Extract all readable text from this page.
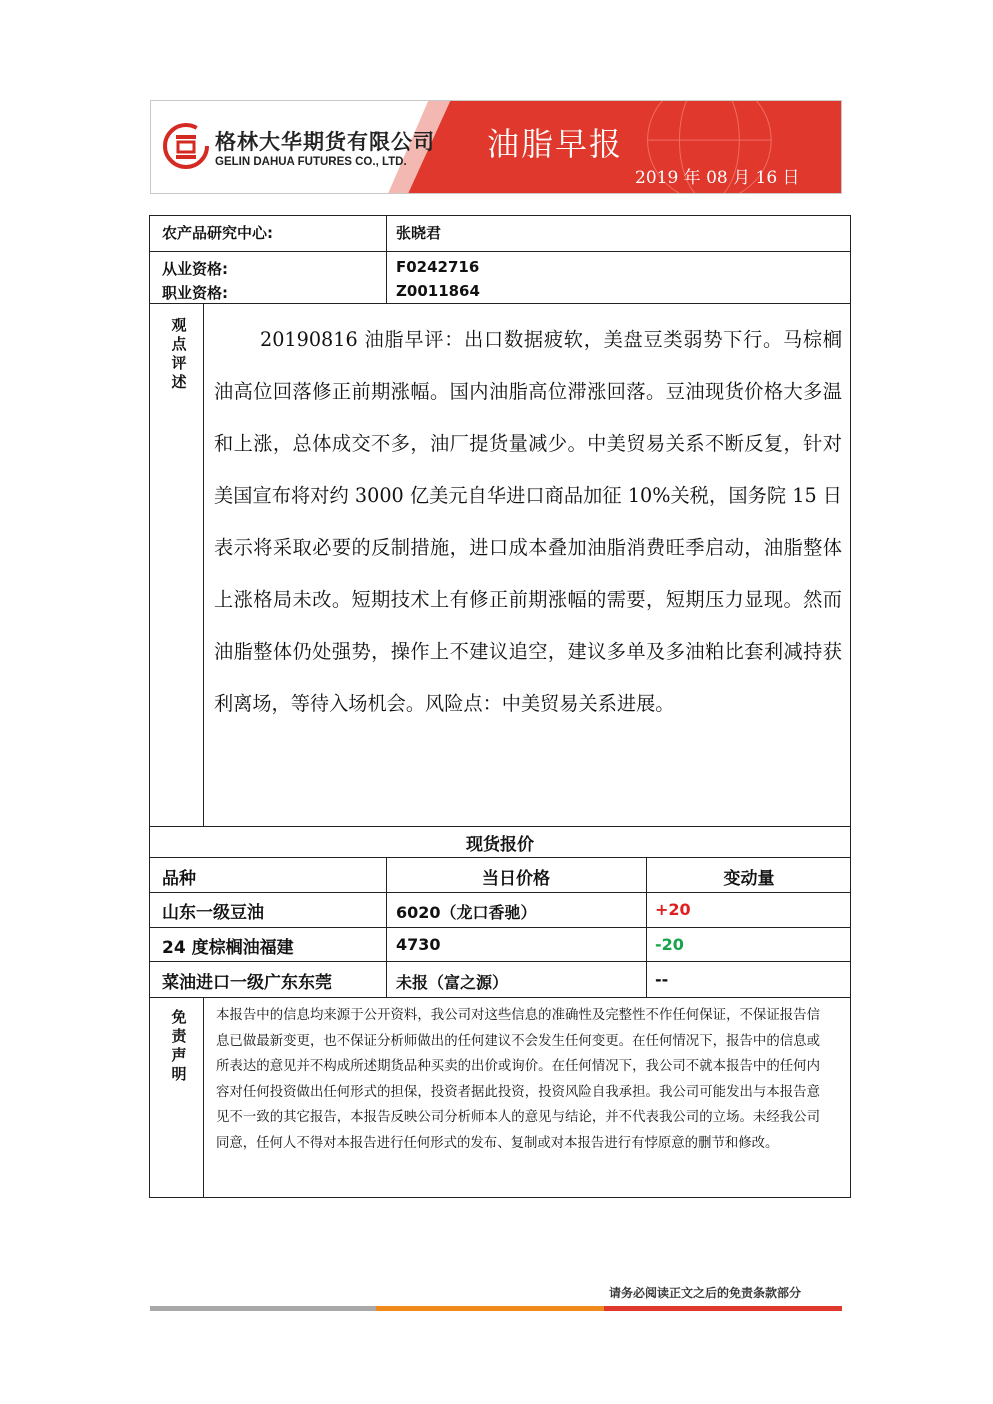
格林大华期货有限公司
GELIN DAHUA FUTURES CO., LTD.	油脂早报
2019 年 08 月 16 日
农产品研究中心:	张晓君
从业资格:	F0242716
职业资格:	Z0011864
观点评述
20190816 油脂早评：出口数据疲软，美盘豆类弱势下行。马棕榈油高位回落修正前期涨幅。国内油脂高位滞涨回落。豆油现货价格大多温和上涨，总体成交不多，油厂提货量减少。中美贸易关系不断反复，针对美国宣布将对约 3000 亿美元自华进口商品加征 10%关税，国务院 15 日表示将采取必要的反制措施，进口成本叠加油脂消费旺季启动，油脂整体上涨格局未改。短期技术上有修正前期涨幅的需要，短期压力显现。然而油脂整体仍处强势，操作上不建议追空，建议多单及多油粕比套利减持获利离场，等待入场机会。风险点：中美贸易关系进展。
现货报价
品种	当日价格	变动量
山东一级豆油	6020（龙口香驰）	+20
24 度棕榈油福建	4730	-20
菜油进口一级广东东莞	未报（富之源）	--
免责声明
本报告中的信息均来源于公开资料，我公司对这些信息的准确性及完整性不作任何保证，不保证报告信息已做最新变更，也不保证分析师做出的任何建议不会发生任何变更。在任何情况下，报告中的信息或所表达的意见并不构成所述期货品种买卖的出价或询价。在任何情况下，我公司不就本报告中的任何内容对任何投资做出任何形式的担保，投资者据此投资，投资风险自我承担。我公司可能发出与本报告意见不一致的其它报告，本报告反映公司分析师本人的意见与结论，并不代表我公司的立场。未经我公司同意，任何人不得对本报告进行任何形式的发布、复制或对本报告进行有悖原意的删节和修改。
请务必阅读正文之后的免责条款部分
